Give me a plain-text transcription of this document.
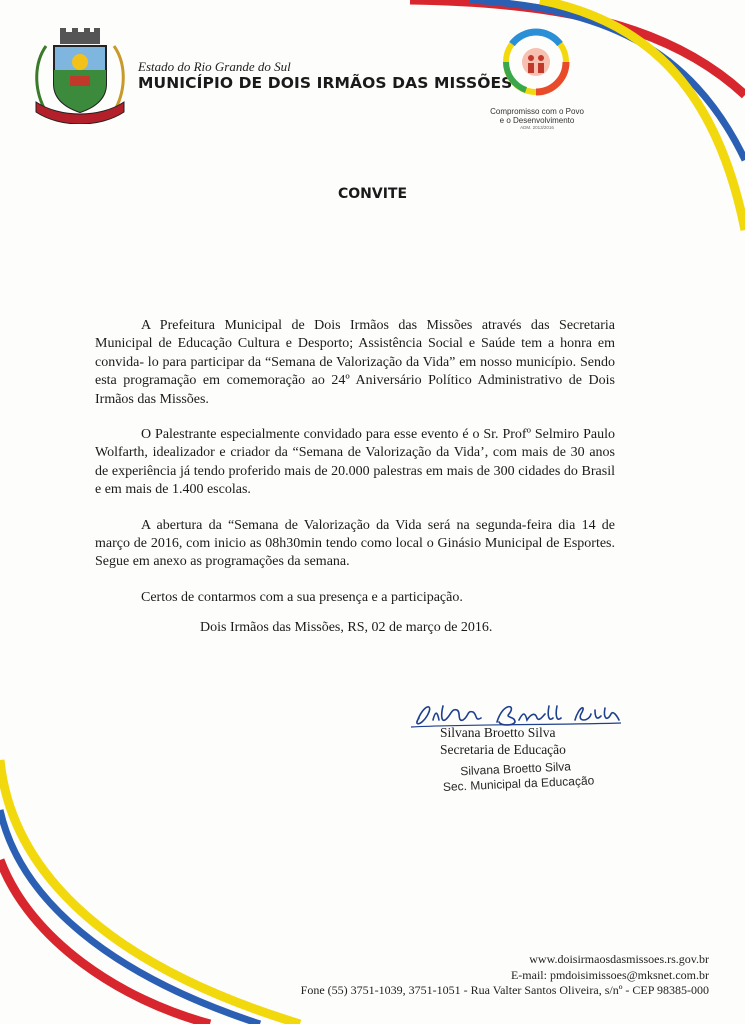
Estado do Rio Grande do Sul
MUNICÍPIO DE DOIS IRMÃOS DAS MISSÕES
Compromisso com o Povo
e o Desenvolvimento
ADM. 2013/2016
CONVITE

A Prefeitura Municipal de Dois Irmãos das Missões através das Secretaria Municipal de Educação Cultura e Desporto; Assistência Social e Saúde tem a honra em convida- lo para participar da “Semana de Valorização da Vida” em nosso município. Sendo esta programação em comemoração ao 24º Aniversário Político Administrativo de Dois Irmãos das Missões.

O Palestrante especialmente convidado para esse evento é o Sr. Profº Selmiro Paulo Wolfarth, idealizador e criador da “Semana de Valorização da Vida’, com mais de 30 anos de experiência já tendo proferido mais de 20.000 palestras em mais de 300 cidades do Brasil e em mais de 1.400 escolas.

A abertura da “Semana de Valorização da Vida será na segunda-feira dia 14 de março de 2016, com inicio as 08h30min tendo como local o Ginásio Municipal de Esportes. Segue em anexo as programações da semana.

Certos de contarmos com a sua presença e a participação.

Dois Irmãos das Missões, RS, 02 de março de 2016.
Silvana Broetto Silva
Secretaria de Educação
Silvana Broetto Silva
Sec. Municipal da Educação
www.doisirmaosdasmissoes.rs.gov.br
E-mail: pmdoisimissoes@mksnet.com.br
Fone (55) 3751-1039, 3751-1051 - Rua Valter Santos Oliveira, s/nº - CEP 98385-000
